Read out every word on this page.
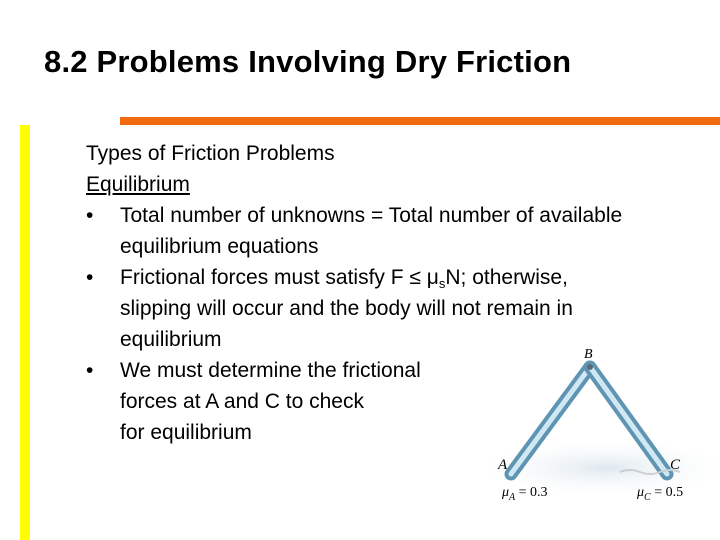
8.2 Problems Involving Dry Friction
Types of Friction Problems
Equilibrium
• Total number of unknowns = Total number of available
equilibrium equations
• Frictional forces must satisfy $F \le \mu_sN$; otherwise,
slipping will occur and the body will not remain in
equilibrium
• We must determine the frictional
forces at A and C to check
for equilibrium
B
A	C
$\mu_A = 0.3$	$\mu_C = 0.5$
